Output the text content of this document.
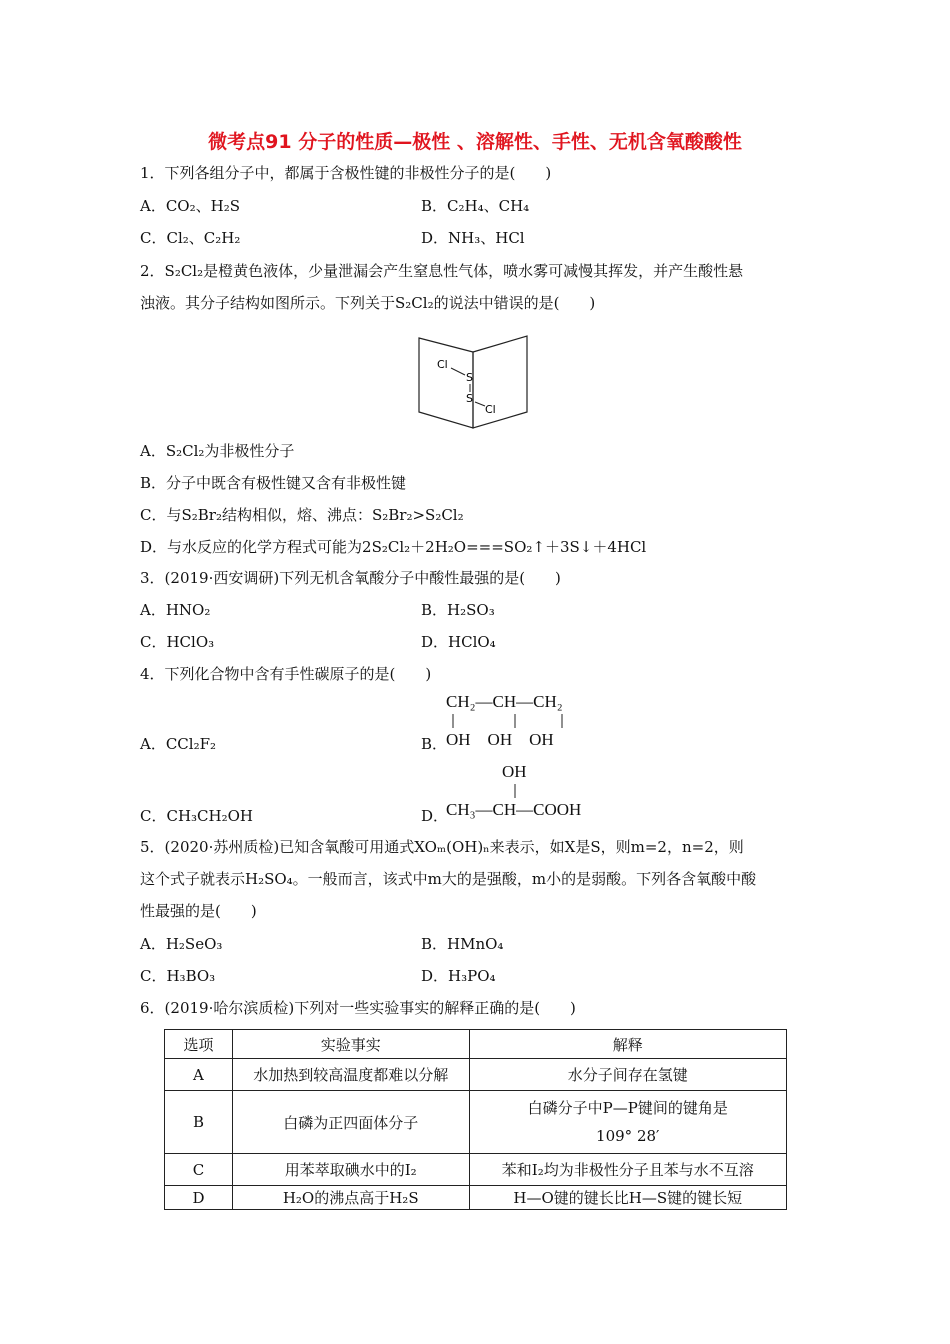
微考点91 分子的性质—极性 、溶解性、手性、无机含氧酸酸性
1．下列各组分子中，都属于含极性键的非极性分子的是(　　)
A．CO₂、H₂S	B．C₂H₄、CH₄
C．Cl₂、C₂H₂	D．NH₃、HCl
2．S₂Cl₂是橙黄色液体，少量泄漏会产生窒息性气体，喷水雾可减慢其挥发，并产生酸性悬
浊液。其分子结构如图所示。下列关于S₂Cl₂的说法中错误的是(　　)
Cl
S
S
Cl
A．S₂Cl₂为非极性分子
B．分子中既含有极性键又含有非极性键
C．与S₂Br₂结构相似，熔、沸点：S₂Br₂>S₂Cl₂
D．与水反应的化学方程式可能为2S₂Cl₂＋2H₂O===SO₂↑＋3S↓＋4HCl
3．(2019·西安调研)下列无机含氧酸分子中酸性最强的是(　　)
A．HNO₂	B．H₂SO₃
C．HClO₃	D．HClO₄
4．下列化合物中含有手性碳原子的是(　　)
A．CCl₂F₂	B．
CH₂—CH—CH₂
OH    OH    OH
OH
C．CH₃CH₂OH	D．
CH₃—CH—COOH
5．(2020·苏州质检)已知含氧酸可用通式XOₘ(OH)ₙ来表示，如X是S，则m=2，n=2，则
这个式子就表示H₂SO₄。一般而言，该式中m大的是强酸，m小的是弱酸。下列各含氧酸中酸
性最强的是(　　)
A．H₂SeO₃	B．HMnO₄
C．H₃BO₃	D．H₃PO₄
6．(2019·哈尔滨质检)下列对一些实验事实的解释正确的是(　　)
选项	实验事实	解释
A	水加热到较高温度都难以分解	水分子间存在氢键
B	白磷为正四面体分子	白磷分子中P—P键间的键角是
109° 28′

C	用苯萃取碘水中的I₂	苯和I₂均为非极性分子且苯与水不互溶
D	H₂O的沸点高于H₂S	H—O键的键长比H—S键的键长短
